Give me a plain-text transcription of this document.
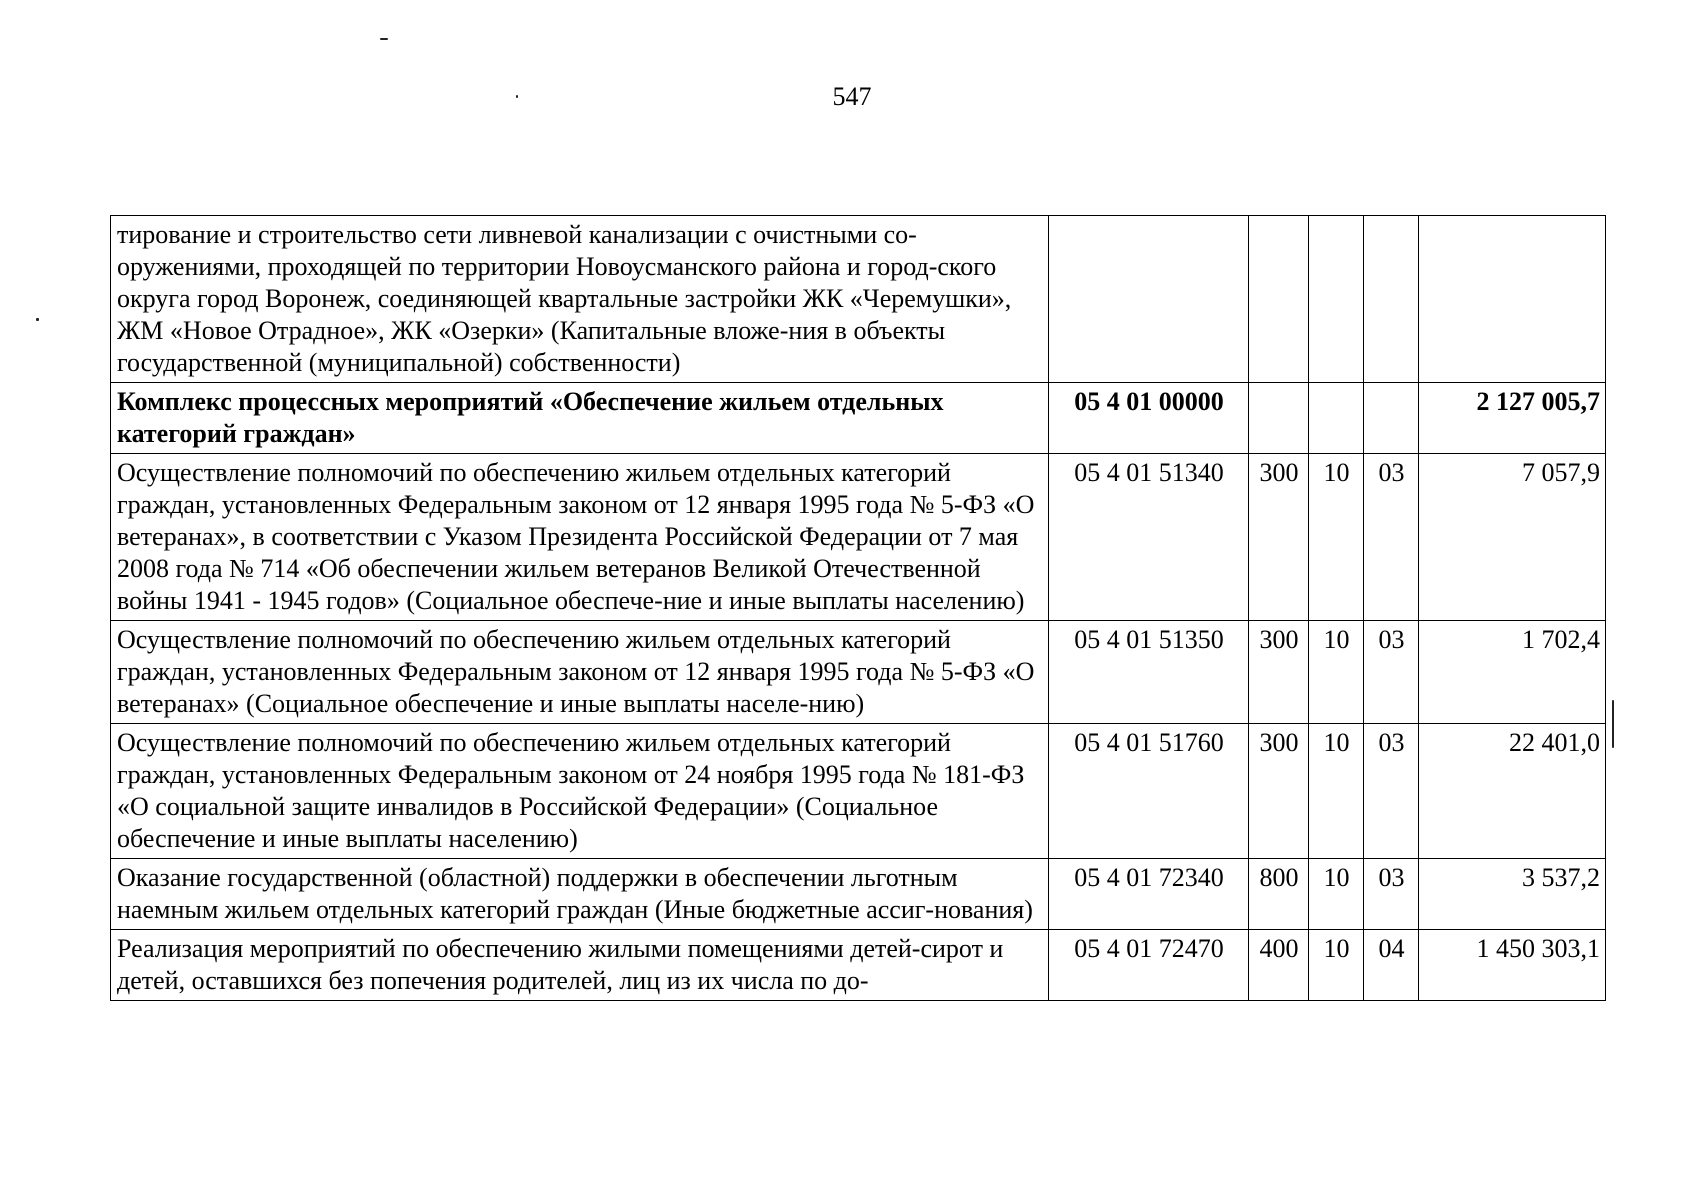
547
тирование и строительство сети ливневой канализации с очистными со-оружениями, проходящей по территории Новоусманского района и город-ского округа город Воронеж, соединяющей квартальные застройки ЖК «Черемушки», ЖМ «Новое Отрадное», ЖК «Озерки» (Капитальные вложе-ния в объекты государственной (муниципальной) собственности)					
Комплекс процессных мероприятий «Обеспечение жильем отдельных категорий граждан»	05 4 01 00000				2 127 005,7
Осуществление полномочий по обеспечению жильем отдельных категорий граждан, установленных Федеральным законом от 12 января 1995 года № 5-ФЗ «О ветеранах», в соответствии с Указом Президента Российской Федерации от 7 мая 2008 года № 714 «Об обеспечении жильем ветеранов Великой Отечественной войны 1941 - 1945 годов» (Социальное обеспече-ние и иные выплаты населению)	05 4 01 51340	300	10	03	7 057,9
Осуществление полномочий по обеспечению жильем отдельных категорий граждан, установленных Федеральным законом от 12 января 1995 года № 5-ФЗ «О ветеранах» (Социальное обеспечение и иные выплаты населе-нию)	05 4 01 51350	300	10	03	1 702,4
Осуществление полномочий по обеспечению жильем отдельных категорий граждан, установленных Федеральным законом от 24 ноября 1995 года № 181-ФЗ «О социальной защите инвалидов в Российской Федерации» (Социальное обеспечение и иные выплаты населению)	05 4 01 51760	300	10	03	22 401,0
Оказание государственной (областной) поддержки в обеспечении льготным наемным жильем отдельных категорий граждан (Иные бюджетные ассиг-нования)	05 4 01 72340	800	10	03	3 537,2
Реализация мероприятий по обеспечению жилыми помещениями детей-сирот и детей, оставшихся без попечения родителей, лиц из их числа по до-	05 4 01 72470	400	10	04	1 450 303,1
